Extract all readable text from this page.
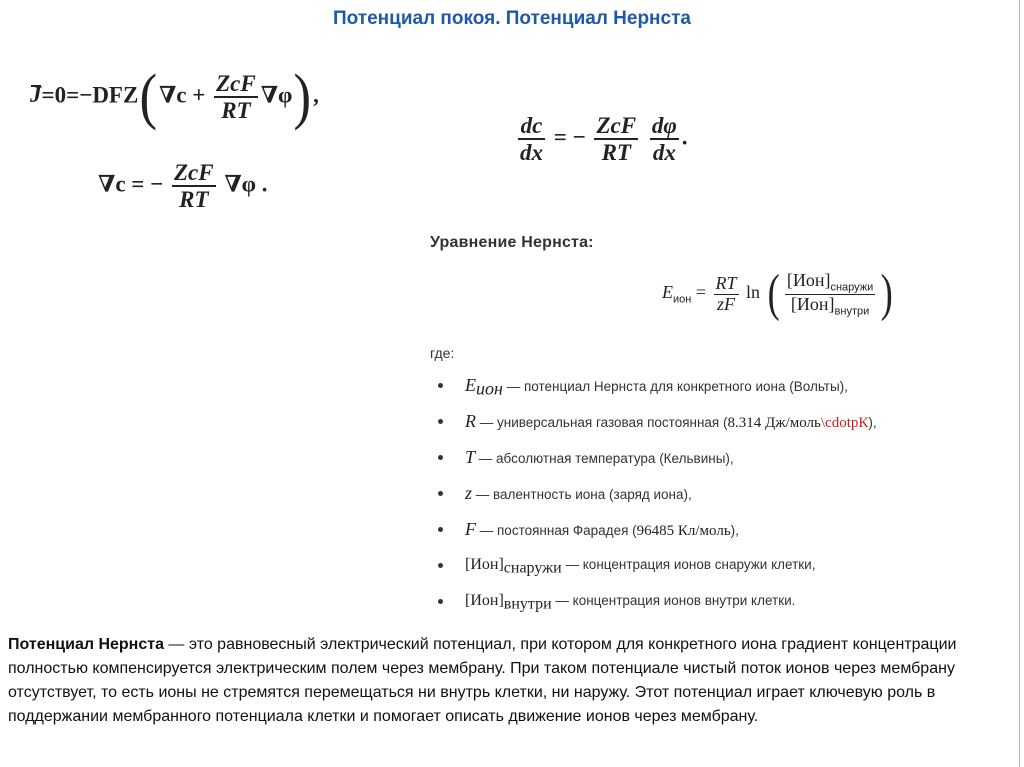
Потенциал покоя. Потенциал Нернста
$J=0=-DFZ(\nabla c + \frac{\text{ZcF}}{RT} \nabla\varphi)$,
∇c = − $\frac{\text{ZcF}}{RT} \nabla\varphi$ .
$\frac{dc}{dx}$ = − $\frac{\text{ZcF}}{RT}$
$\frac{d\varphi}{dx}$ .
Уравнение Нернста:
$E_{ион} = \frac{RT}{zF}$ ln ( $\frac{[Ион]_{снаружи}}{[Ион]_{внутри}}$ )
где:
$E_{ион}$ — потенциал Нернста для конкретного иона (Вольты),
R — универсальная газовая постоянная (8.314 Дж/моль\cdotpК),
T — абсолютная температура (Кельвины),
z — валентность иона (заряд иона),
F — постоянная Фарадея (96485 Кл/моль),
$[Ион]_{снаружи}$ — концентрация ионов снаружи клетки,
$[Ион]_{внутри}$ — концентрация ионов внутри клетки.

Потенциал Нернста — это равновесный электрический потенциал, при котором для конкретного иона градиент концентрации полностью компенсируется электрическим полем через мембрану. При таком потенциале чистый поток ионов через мембрану отсутствует, то есть ионы не стремятся перемещаться ни внутрь клетки, ни наружу. Этот потенциал играет ключевую роль в поддержании мембранного потенциала клетки и помогает описать движение ионов через мембрану.
